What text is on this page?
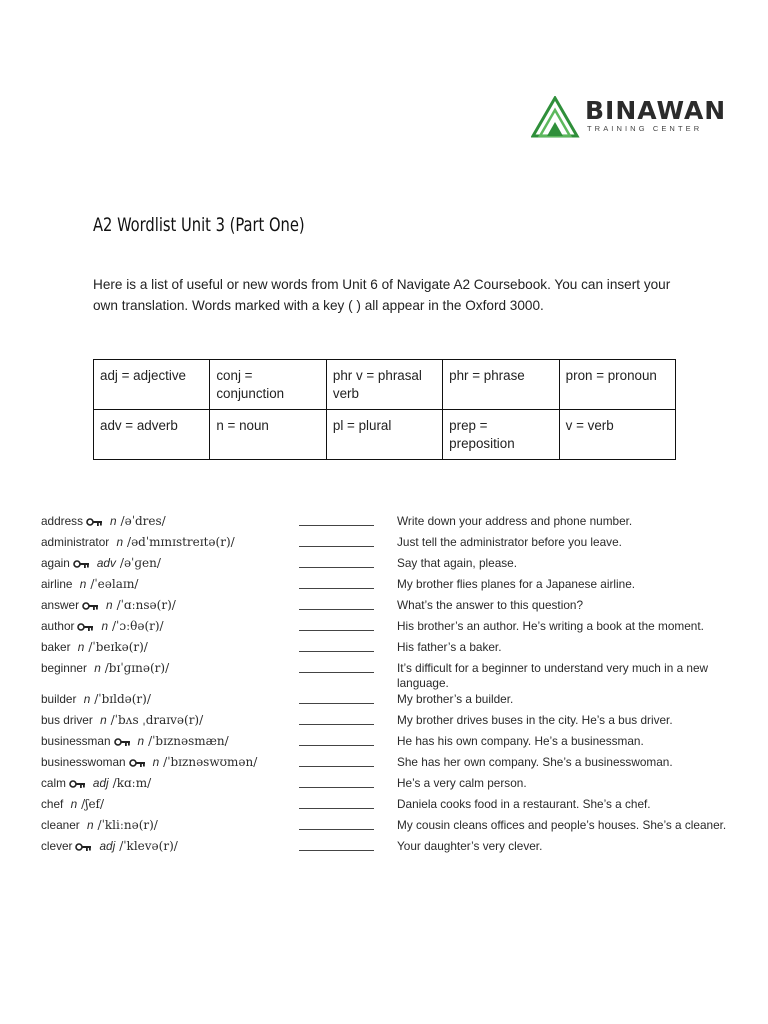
BINAWAN
TRAINING CENTER
A2 Wordlist Unit 3 (Part One)
Here is a list of useful or new words from Unit 6 of Navigate A2 Coursebook. You can insert your own translation. Words marked with a key ( ) all appear in the Oxford 3000.
adj = adjective	conj = conjunction	phr v = phrasal verb	phr = phrase	pron = pronoun
adv = adverb	n = noun	pl = plural	prep = preposition	v = verb
address n /əˈdres/	Write down your address and phone number.
administrator n /ədˈmɪnɪstreɪtə(r)/	Just tell the administrator before you leave.
again adv /əˈɡen/	Say that again, please.
airline n /ˈeəlaɪn/	My brother flies planes for a Japanese airline.
answer n /ˈɑːnsə(r)/	What’s the answer to this question?
author n /ˈɔːθə(r)/	His brother’s an author. He’s writing a book at the moment.
baker n /ˈbeɪkə(r)/	His father’s a baker.
beginner n /bɪˈɡɪnə(r)/	It’s difficult for a beginner to understand very much in a new language.
builder n /ˈbɪldə(r)/	My brother’s a builder.
bus driver n /ˈbʌs ˌdraɪvə(r)/	My brother drives buses in the city. He’s a bus driver.
businessman n /ˈbɪznəsmæn/	He has his own company. He’s a businessman.
businesswoman n /ˈbɪznəswʊmən/	She has her own company. She’s a businesswoman.
calm adj /kɑːm/	He’s a very calm person.
chef n /ʃef/	Daniela cooks food in a restaurant. She’s a chef.
cleaner n /ˈkliːnə(r)/	My cousin cleans offices and people’s houses. She’s a cleaner.
clever adj /ˈklevə(r)/	Your daughter’s very clever.
